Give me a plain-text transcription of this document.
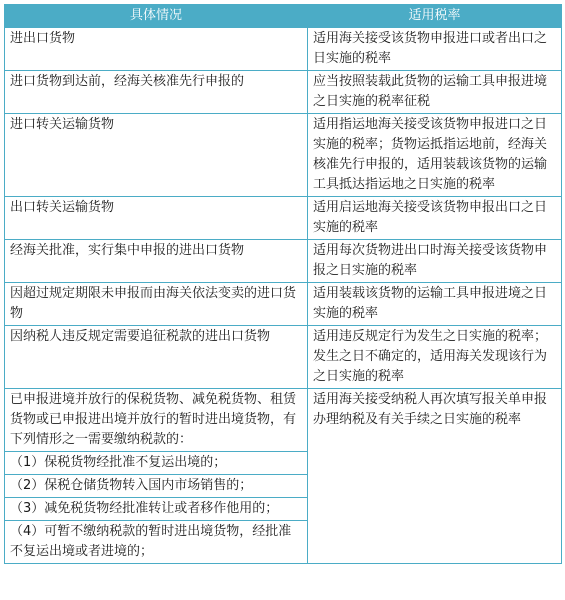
具体情况	适用税率
进出口货物	适用海关接受该货物申报进口或者出口之日实施的税率
进口货物到达前，经海关核准先行申报的	应当按照装载此货物的运输工具申报进境之日实施的税率征税
进口转关运输货物	适用指运地海关接受该货物申报进口之日实施的税率；货物运抵指运地前，经海关核准先行申报的，适用装载该货物的运输工具抵达指运地之日实施的税率
出口转关运输货物	适用启运地海关接受该货物申报出口之日实施的税率
经海关批准，实行集中申报的进出口货物	适用每次货物进出口时海关接受该货物申报之日实施的税率
因超过规定期限未申报而由海关依法变卖的进口货物	适用装载该货物的运输工具申报进境之日实施的税率
因纳税人违反规定需要追征税款的进出口货物	适用违反规定行为发生之日实施的税率；发生之日不确定的，适用海关发现该行为之日实施的税率
已申报进境并放行的保税货物、减免税货物、租赁货物或已申报进出境并放行的暂时进出境货物，有下列情形之一需要缴纳税款的：	适用海关接受纳税人再次填写报关单申报办理纳税及有关手续之日实施的税率
（1）保税货物经批准不复运出境的；	
（2）保税仓储货物转入国内市场销售的；	
（3）减免税货物经批准转让或者移作他用的；	
（4）可暂不缴纳税款的暂时进出境货物，经批准不复运出境或者进境的；	
